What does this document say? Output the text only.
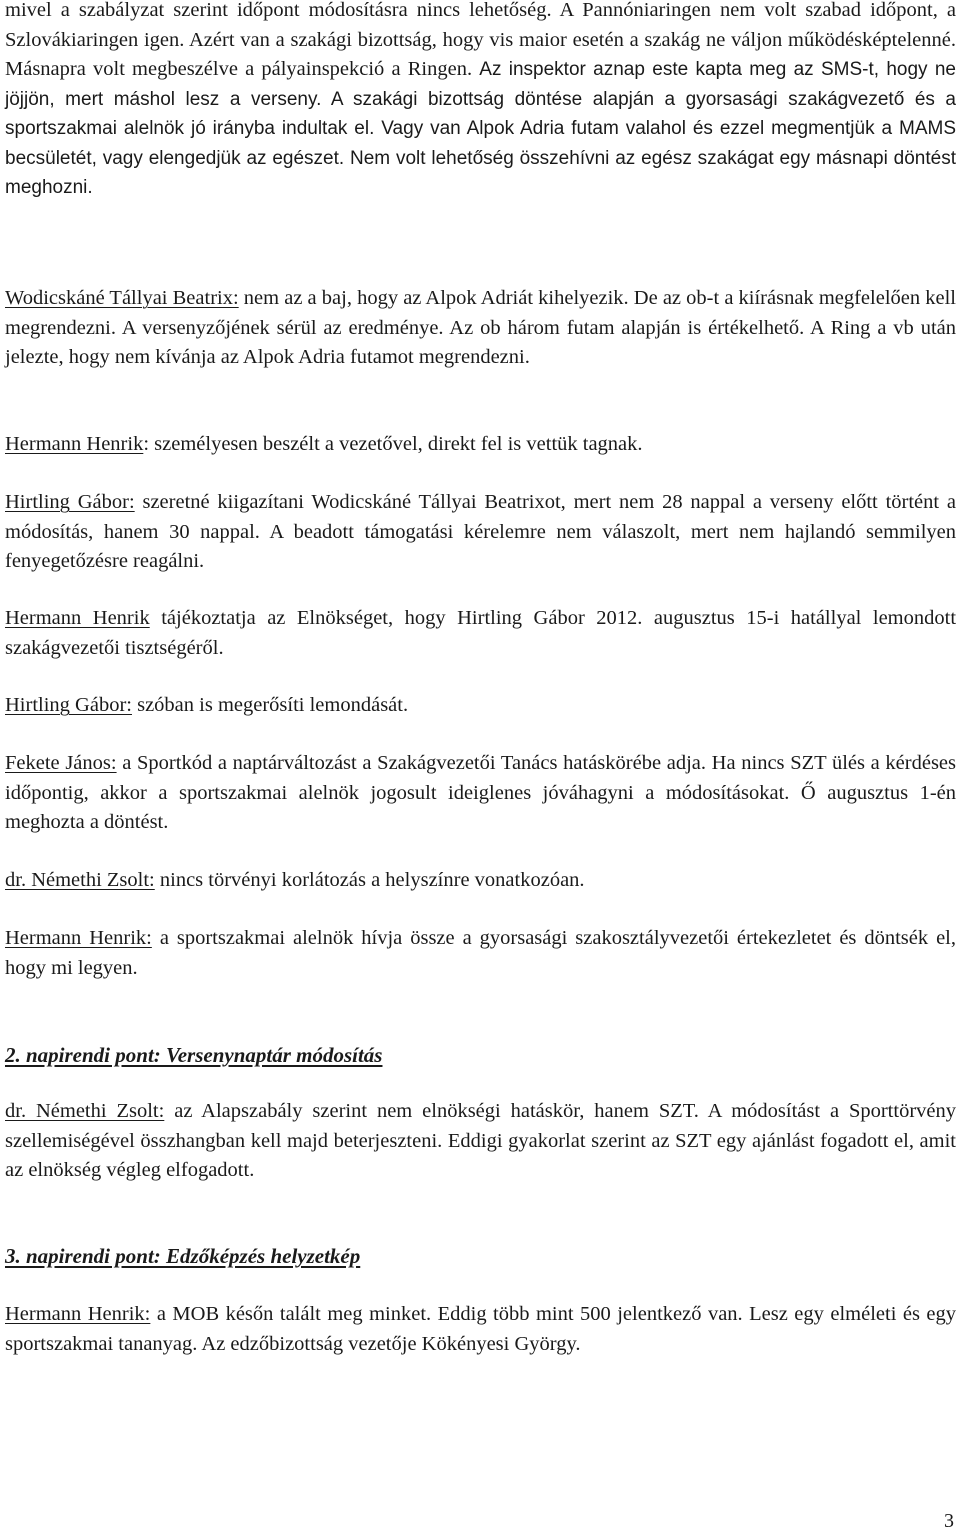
mivel a szabályzat szerint időpont módosításra nincs lehetőség. A Pannóniaringen nem volt szabad időpont, a Szlovákiaringen igen. Azért van a szakági bizottság, hogy vis maior esetén a szakág ne váljon működésképtelenné. Másnapra volt megbeszélve a pályainspekció a Ringen. Az inspektor aznap este kapta meg az SMS-t, hogy ne jöjjön, mert máshol lesz a verseny. A szakági bizottság döntése alapján a gyorsasági szakágvezető és a sportszakmai alelnök jó irányba indultak el. Vagy van Alpok Adria futam valahol és ezzel megmentjük a MAMS becsületét, vagy elengedjük az egészet. Nem volt lehetőség összehívni az egész szakágat egy másnapi döntést meghozni.

Wodicskáné Tállyai Beatrix: nem az a baj, hogy az Alpok Adriát kihelyezik. De az ob-t a kiírásnak megfelelően kell megrendezni. A versenyzőjének sérül az eredménye. Az ob három futam alapján is értékelhető. A Ring a vb után jelezte, hogy nem kívánja az Alpok Adria futamot megrendezni.

Hermann Henrik: személyesen beszélt a vezetővel, direkt fel is vettük tagnak.

Hirtling Gábor: szeretné kiigazítani Wodicskáné Tállyai Beatrixot, mert nem 28 nappal a verseny előtt történt a módosítás, hanem 30 nappal. A beadott támogatási kérelemre nem válaszolt, mert nem hajlandó semmilyen fenyegetőzésre reagálni.

Hermann Henrik tájékoztatja az Elnökséget, hogy Hirtling Gábor 2012. augusztus 15-i hatállyal lemondott szakágvezetői tisztségéről.

Hirtling Gábor: szóban is megerősíti lemondását.

Fekete János: a Sportkód a naptárváltozást a Szakágvezetői Tanács hatáskörébe adja. Ha nincs SZT ülés a kérdéses időpontig, akkor a sportszakmai alelnök jogosult ideiglenes jóváhagyni a módosításokat. Ő augusztus 1-én meghozta a döntést.

dr. Némethi Zsolt: nincs törvényi korlátozás a helyszínre vonatkozóan.

Hermann Henrik: a sportszakmai alelnök hívja össze a gyorsasági szakosztályvezetői értekezletet és döntsék el, hogy mi legyen.

2. napirendi pont: Versenynaptár módosítás

dr. Némethi Zsolt: az Alapszabály szerint nem elnökségi hatáskör, hanem SZT. A módosítást a Sporttörvény szellemiségével összhangban kell majd beterjeszteni. Eddigi gyakorlat szerint az SZT egy ajánlást fogadott el, amit az elnökség végleg elfogadott.

3. napirendi pont: Edzőképzés helyzetkép

Hermann Henrik: a MOB későn talált meg minket. Eddig több mint 500 jelentkező van. Lesz egy elméleti és egy sportszakmai tananyag. Az edzőbizottság vezetője Kökényesi György.

3
